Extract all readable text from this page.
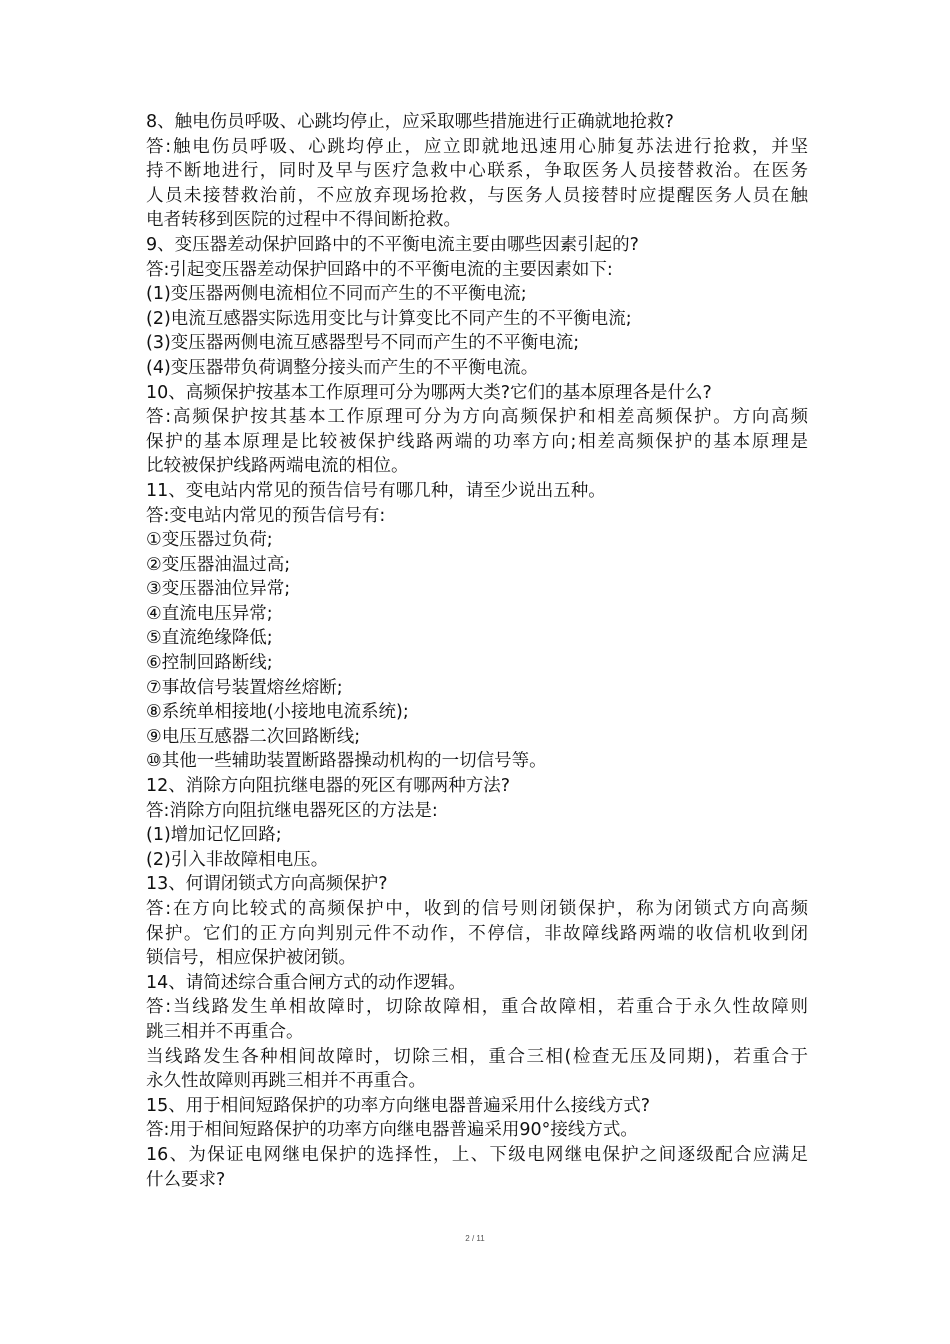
8、触电伤员呼吸、心跳均停止，应采取哪些措施进行正确就地抢救?
答:触电伤员呼吸、心跳均停止，应立即就地迅速用心肺复苏法进行抢救，并坚
持不断地进行，同时及早与医疗急救中心联系，争取医务人员接替救治。在医务
人员未接替救治前，不应放弃现场抢救，与医务人员接替时应提醒医务人员在触
电者转移到医院的过程中不得间断抢救。
9、变压器差动保护回路中的不平衡电流主要由哪些因素引起的?
答:引起变压器差动保护回路中的不平衡电流的主要因素如下:
(1)变压器两侧电流相位不同而产生的不平衡电流;
(2)电流互感器实际选用变比与计算变比不同产生的不平衡电流;
(3)变压器两侧电流互感器型号不同而产生的不平衡电流;
(4)变压器带负荷调整分接头而产生的不平衡电流。
10、高频保护按基本工作原理可分为哪两大类?它们的基本原理各是什么?
答:高频保护按其基本工作原理可分为方向高频保护和相差高频保护。方向高频
保护的基本原理是比较被保护线路两端的功率方向;相差高频保护的基本原理是
比较被保护线路两端电流的相位。
11、变电站内常见的预告信号有哪几种，请至少说出五种。
答:变电站内常见的预告信号有:
①变压器过负荷;
②变压器油温过高;
③变压器油位异常;
④直流电压异常;
⑤直流绝缘降低;
⑥控制回路断线;
⑦事故信号装置熔丝熔断;
⑧系统单相接地(小接地电流系统);
⑨电压互感器二次回路断线;
⑩其他一些辅助装置断路器操动机构的一切信号等。
12、消除方向阻抗继电器的死区有哪两种方法?
答:消除方向阻抗继电器死区的方法是:
(1)增加记忆回路;
(2)引入非故障相电压。
13、何谓闭锁式方向高频保护?
答:在方向比较式的高频保护中，收到的信号则闭锁保护，称为闭锁式方向高频
保护。它们的正方向判别元件不动作，不停信，非故障线路两端的收信机收到闭
锁信号，相应保护被闭锁。
14、请简述综合重合闸方式的动作逻辑。
答:当线路发生单相故障时，切除故障相，重合故障相，若重合于永久性故障则
跳三相并不再重合。
当线路发生各种相间故障时，切除三相，重合三相(检查无压及同期)，若重合于
永久性故障则再跳三相并不再重合。
15、用于相间短路保护的功率方向继电器普遍采用什么接线方式?
答:用于相间短路保护的功率方向继电器普遍采用90°接线方式。
16、为保证电网继电保护的选择性，上、下级电网继电保护之间逐级配合应满足
什么要求?
2 / 11
